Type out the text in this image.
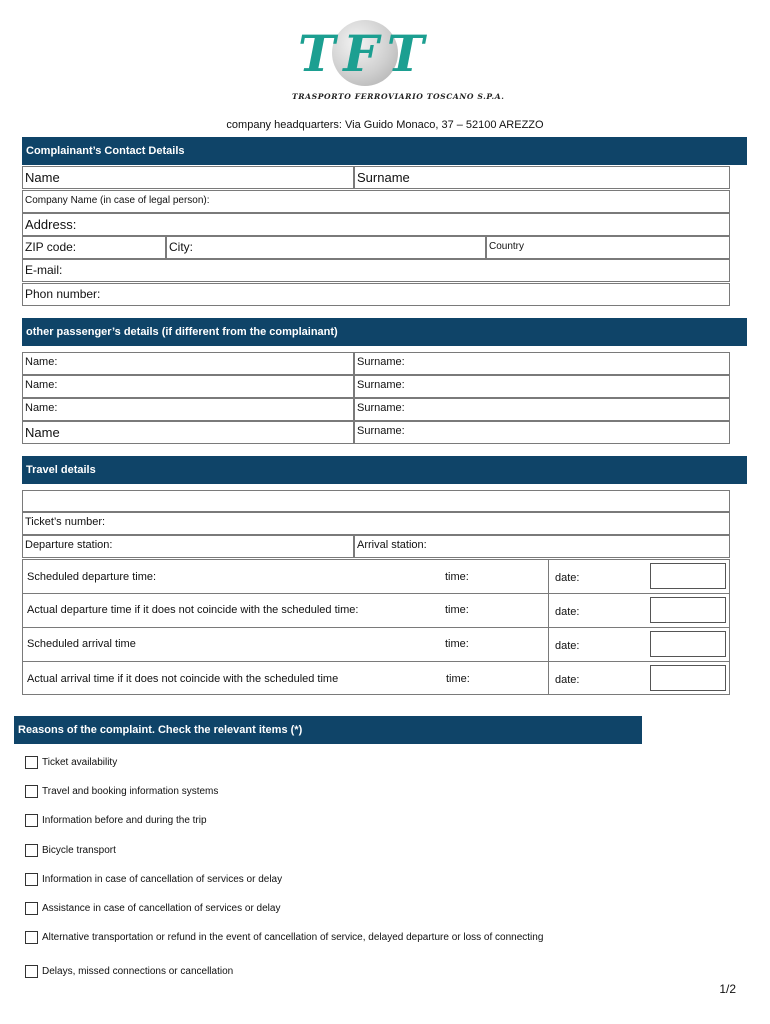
TFT
TRASPORTO FERROVIARIO TOSCANO S.P.A.
company headquarters: Via Guido Monaco, 37 – 52100 AREZZO
Complainant’s Contact Details
Name	Surname
Company Name (in case of legal person):
Address:
ZIP code:	City:	Country
E-mail:
Phon number:
other passenger’s details (if different from the complainant)
Name:	Surname:
Name:	Surname:
Name:	Surname:
Name	Surname:
Travel details
Ticket’s number:
Departure station:	Arrival station:
Scheduled departure time:	time:	date:
Actual departure time if it does not coincide with the scheduled time:	time:	date:
Scheduled arrival time	time:	date:
Actual arrival time if it does not coincide with the scheduled time	time:	date:
Reasons of the complaint. Check the relevant items (*)
Ticket availability
Travel and booking information systems
Information before and during the trip
Bicycle transport
Information in case of cancellation of services or delay
Assistance in case of cancellation of services or delay
Alternative transportation or refund in the event of cancellation of service, delayed departure or loss of connecting
Delays, missed connections or cancellation
1/2
